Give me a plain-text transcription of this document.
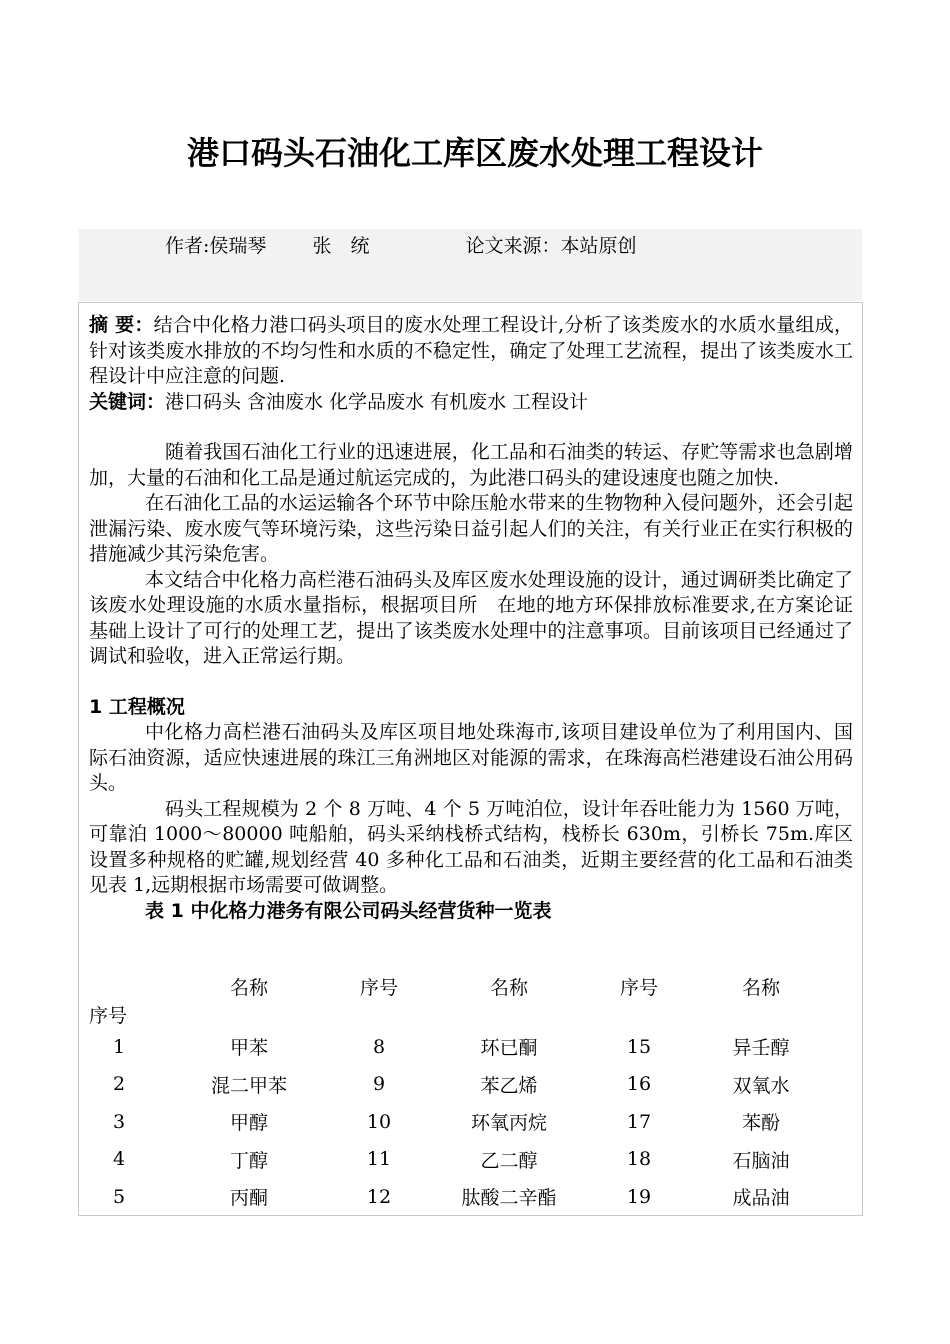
港口码头石油化工库区废水处理工程设计
作者:侯瑞琴 张　统	论文来源：本站原创

摘 要：结合中化格力港口码头项目的废水处理工程设计,分析了该类废水的水质水量组成，针对该类废水排放的不均匀性和水质的不稳定性，确定了处理工艺流程，提出了该类废水工程设计中应注意的问题.

关键词：港口码头 含油废水 化学品废水 有机废水 工程设计

随着我国石油化工行业的迅速进展，化工品和石油类的转运、存贮等需求也急剧增加，大量的石油和化工品是通过航运完成的，为此港口码头的建设速度也随之加快.

在石油化工品的水运运输各个环节中除压舱水带来的生物物种入侵问题外，还会引起泄漏污染、废水废气等环境污染，这些污染日益引起人们的关注，有关行业正在实行积极的措施减少其污染危害。

本文结合中化格力高栏港石油码头及库区废水处理设施的设计，通过调研类比确定了该废水处理设施的水质水量指标，根据项目所　在地的地方环保排放标准要求,在方案论证基础上设计了可行的处理工艺，提出了该类废水处理中的注意事项。目前该项目已经通过了调试和验收，进入正常运行期。

1 工程概况

中化格力高栏港石油码头及库区项目地处珠海市,该项目建设单位为了利用国内、国际石油资源，适应快速进展的珠江三角洲地区对能源的需求，在珠海高栏港建设石油公用码头。

码头工程规模为 2 个 8 万吨、4 个 5 万吨泊位，设计年吞吐能力为 1560 万吨，可靠泊 1000～80000 吨船舶，码头采纳栈桥式结构，栈桥长 630m，引桥长 75m.库区设置多种规格的贮罐,规划经营 40 多种化工品和石油类，近期主要经营的化工品和石油类见表 1,远期根据市场需要可做调整。

表 1 中化格力港务有限公司码头经营货种一览表
序号	名称	序号	名称	序号	名称
1	甲苯	8	环已酮	15	异壬醇
2	混二甲苯	9	苯乙烯	16	双氧水
3	甲醇	10	环氧丙烷	17	苯酚
4	丁醇	11	乙二醇	18	石脑油
5	丙酮	12	肽酸二辛酯	19	成品油
